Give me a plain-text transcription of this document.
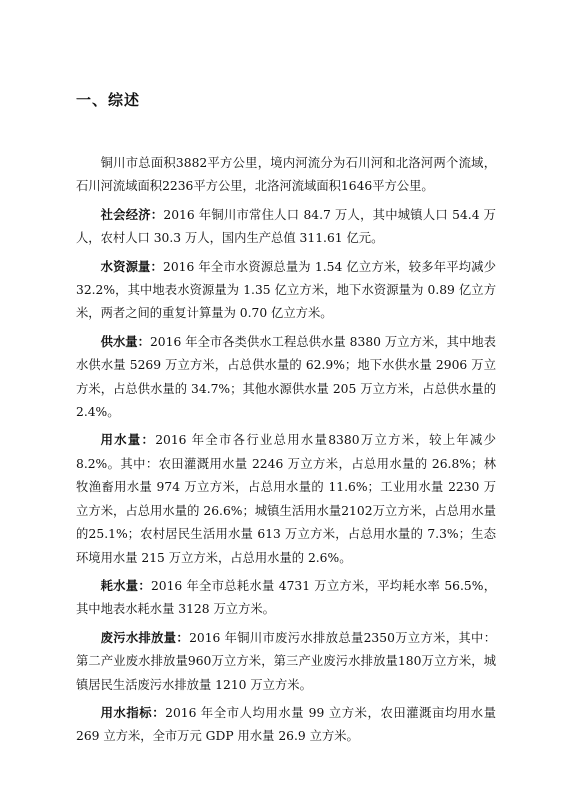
一、综述

铜川市总面积3882平方公里，境内河流分为石川河和北洛河两个流域，石川河流域面积2236平方公里，北洛河流域面积1646平方公里。

社会经济：2016 年铜川市常住人口 84.7 万人，其中城镇人口 54.4 万人，农村人口 30.3 万人，国内生产总值 311.61 亿元。

水资源量：2016 年全市水资源总量为 1.54 亿立方米，较多年平均减少 32.2%，其中地表水资源量为 1.35 亿立方米，地下水资源量为 0.89 亿立方米，两者之间的重复计算量为 0.70 亿立方米。

供水量：2016 年全市各类供水工程总供水量 8380 万立方米，其中地表水供水量 5269 万立方米，占总供水量的 62.9%；地下水供水量 2906 万立方米，占总供水量的 34.7%；其他水源供水量 205 万立方米，占总供水量的 2.4%。

用水量：2016 年全市各行业总用水量8380万立方米，较上年减少8.2%。其中：农田灌溉用水量 2246 万立方米，占总用水量的 26.8%；林牧渔畜用水量 974 万立方米，占总用水量的 11.6%；工业用水量 2230 万立方米，占总用水量的 26.6%；城镇生活用水量2102万立方米，占总用水量的25.1%；农村居民生活用水量 613 万立方米，占总用水量的 7.3%；生态环境用水量 215 万立方米，占总用水量的 2.6%。

耗水量：2016 年全市总耗水量 4731 万立方米，平均耗水率 56.5%，其中地表水耗水量 3128 万立方米。

废污水排放量：2016 年铜川市废污水排放总量2350万立方米，其中：第二产业废水排放量960万立方米，第三产业废污水排放量180万立方米，城镇居民生活废污水排放量 1210 万立方米。

用水指标：2016 年全市人均用水量 99 立方米，农田灌溉亩均用水量 269 立方米，全市万元 GDP 用水量 26.9 立方米。
